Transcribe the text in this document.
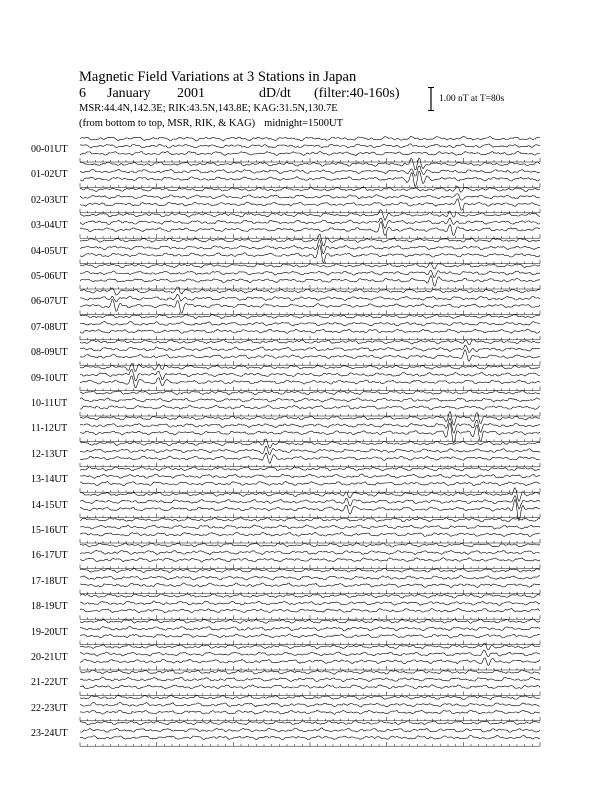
Magnetic Field Variations at 3 Stations in Japan
6 January 2001	dD/dt (filter:40-160s)
MSR:44.4N,142.3E; RIK:43.5N,143.8E; KAG:31.5N,130.7E
(from bottom to top, MSR, RIK, & KAG) midnight=1500UT
1.00 nT at T=80s
00-01UT
01-02UT
02-03UT
03-04UT
04-05UT
05-06UT
06-07UT
07-08UT
08-09UT
09-10UT
10-11UT
11-12UT
12-13UT
13-14UT
14-15UT
15-16UT
16-17UT
17-18UT
18-19UT
19-20UT
20-21UT
21-22UT
22-23UT
23-24UT
